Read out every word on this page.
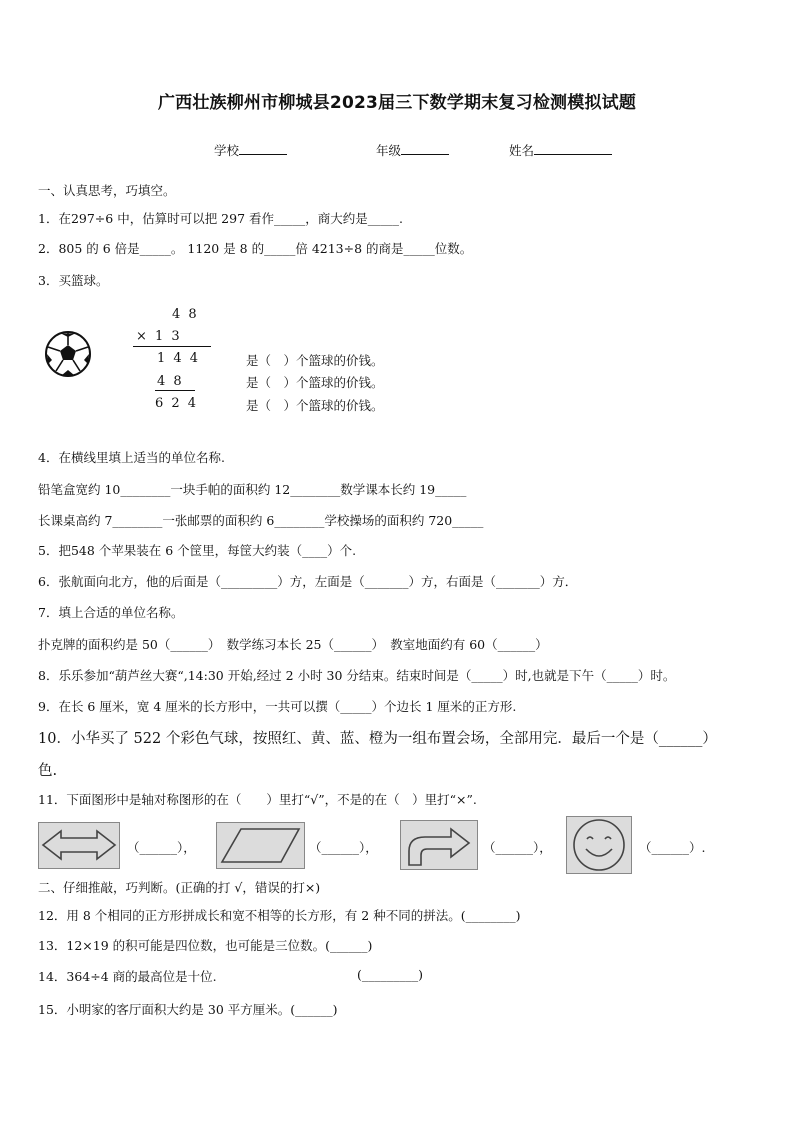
广西壮族柳州市柳城县2023届三下数学期末复习检测模拟试题
学校	年级	姓名
一、认真思考，巧填空。
1．在297÷6 中，估算时可以把 297 看作_____，商大约是_____.
2．805 的 6 倍是_____。 1120 是 8 的_____倍 4213÷8 的商是_____位数。
3．买篮球。
4 8
× 1 3
1 4 4
4 8
6 2 4
是（　）个篮球的价钱。
是（　）个篮球的价钱。
是（　）个篮球的价钱。
4．在横线里填上适当的单位名称.
铅笔盒宽约 10________一块手帕的面积约 12________数学课本长约 19_____
长课桌高约 7________一张邮票的面积约 6________学校操场的面积约 720_____
5．把548 个苹果装在 6 个筐里，每筐大约装（____）个.
6．张航面向北方，他的后面是（_________）方，左面是（_______）方，右面是（_______）方．
7．填上合适的单位名称。
扑克牌的面积约是 50（______）　数学练习本长 25（______）　教室地面约有 60（______）
8．乐乐参加“葫芦丝大赛“,14:30 开始,经过 2 小时 30 分结束。结束时间是（_____）时,也就是下午（_____）时。
9．在长 6 厘米，宽 4 厘米的长方形中，一共可以撰（_____）个边长 1 厘米的正方形.
10．小华买了 522 个彩色气球，按照红、黄、蓝、橙为一组布置会场，全部用完．最后一个是（______）
色.
11．下面图形中是轴对称图形的在（　　）里打“√”，不是的在（　）里打“×”.
（______），	（______），	（______），	（______）.
二、仔细推敲，巧判断。(正确的打 √，错误的打×)
12．用 8 个相同的正方形拼成长和宽不相等的长方形，有 2 种不同的拼法。(________)
13．12×19 的积可能是四位数，也可能是三位数。(______)
14．364÷4 商的最高位是十位.	(_________)
15．小明家的客厅面积大约是 30 平方厘米。(______)
